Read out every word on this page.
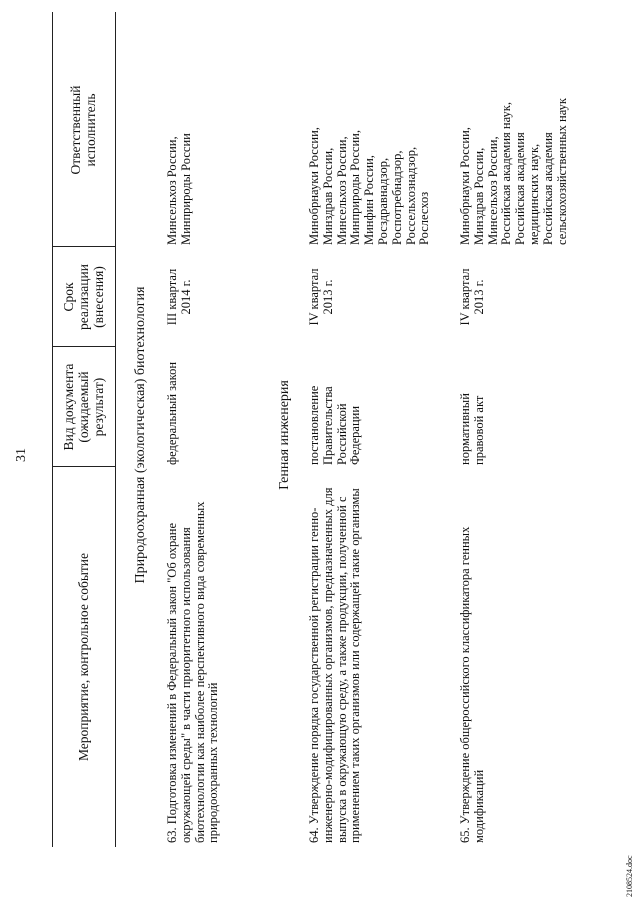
31
Мероприятие, контрольное событие
Вид документа
(ожидаемый
результат)
Срок
реализации
(внесения)
Ответственный
исполнитель
Природоохранная (экологическая) биотехнология
63. Подготовка изменений в Федеральный закон "Об охране окружающей среды" в части приоритетного использования биотехнологии как наиболее перспективного вида современных природоохранных технологий
федеральный закон
III квартал
2014 г.
Минсельхоз России,
Минприроды России
Генная инженерия
64. Утверждение порядка государственной регистрации генно-инженерно-модифицированных организмов, предназначенных для выпуска в окружающую среду, а также продукции, полученной с применением таких организмов или содержащей такие организмы
постановление
Правительства
Российской
Федерации
IV квартал
2013 г.
Минобрнауки России,
Минздрав России,
Минсельхоз России,
Минприроды России,
Минфин России,
Росздравнадзор,
Роспотребнадзор,
Россельхознадзор,
Рослесхоз
65. Утверждение общероссийского классификатора генных модификаций
нормативный
правовой акт
IV квартал
2013 г.
Минобрнауки России,
Минздрав России,
Минсельхоз России,
Российская академия наук,
Российская академия
медицинских наук,
Российская академия
сельскохозяйственных наук
2108524.doc
